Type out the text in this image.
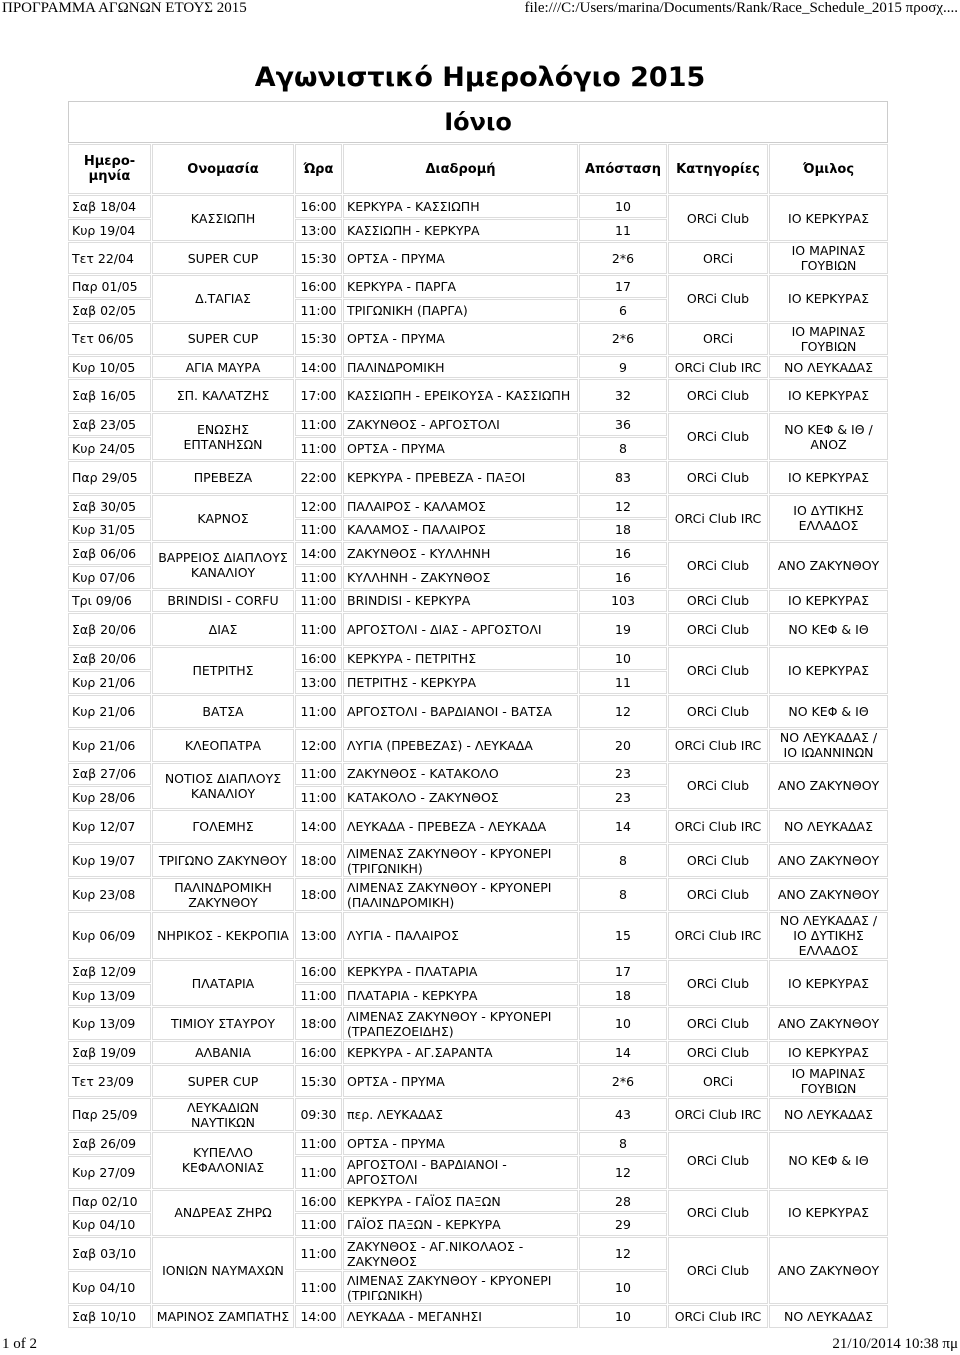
ΠΡΟΓΡΑΜΜΑ ΑΓΩΝΩΝ ΕΤΟΥΣ 2015	file:///C:/Users/marina/Documents/Rank/Race_Schedule_2015 προσχ....
Αγωνιστικό Ημερολόγιο 2015
Ιόνιο						
Ημερο-μηνία	Ονομασία	Ώρα	Διαδρομή	Απόσταση	Κατηγορίες	Όμιλος
Σαβ 18/04	ΚΑΣΣΙΩΠΗ	16:00	ΚΕΡΚΥΡΑ - ΚΑΣΣΙΩΠΗ	10	ORCi Club	ΙΟ ΚΕΡΚΥΡΑΣ
Κυρ 19/04		13:00	ΚΑΣΣΙΩΠΗ - ΚΕΡΚΥΡΑ	11		
Τετ 22/04	SUPER CUP	15:30	ΟΡΤΣΑ - ΠΡΥΜΑ	2*6	ORCi	ΙΟ ΜΑΡΙΝΑΣ ΓΟΥΒΙΩΝ
Παρ 01/05	Δ.ΤΑΓΙΑΣ	16:00	ΚΕΡΚΥΡΑ - ΠΑΡΓΑ	17	ORCi Club	ΙΟ ΚΕΡΚΥΡΑΣ
Σαβ 02/05		11:00	ΤΡΙΓΩΝΙΚΗ (ΠΑΡΓΑ)	6		
Τετ 06/05	SUPER CUP	15:30	ΟΡΤΣΑ - ΠΡΥΜΑ	2*6	ORCi	ΙΟ ΜΑΡΙΝΑΣ ΓΟΥΒΙΩΝ
Κυρ 10/05	ΑΓΙΑ ΜΑΥΡΑ	14:00	ΠΑΛΙΝΔΡΟΜΙΚΗ	9	ORCi Club IRC	ΝΟ ΛΕΥΚΑΔΑΣ
Σαβ 16/05	ΣΠ. ΚΑΛΑΤΖΗΣ	17:00	ΚΑΣΣΙΩΠΗ - ΕΡΕΙΚΟΥΣΑ - ΚΑΣΣΙΩΠΗ	32	ORCi Club	ΙΟ ΚΕΡΚΥΡΑΣ
Σαβ 23/05	ΕΝΩΣΗΣ ΕΠΤΑΝΗΣΩΝ	11:00	ΖΑΚΥΝΘΟΣ - ΑΡΓΟΣΤΟΛΙ	36	ORCi Club	ΝΟ ΚΕΦ & ΙΘ / ΑΝΟΖ
Κυρ 24/05		11:00	ΟΡΤΣΑ - ΠΡΥΜΑ	8		
Παρ 29/05	ΠΡΕΒΕΖΑ	22:00	ΚΕΡΚΥΡΑ - ΠΡΕΒΕΖΑ - ΠΑΞΟΙ	83	ORCi Club	ΙΟ ΚΕΡΚΥΡΑΣ
Σαβ 30/05	ΚΑΡΝΟΣ	12:00	ΠΑΛΑΙΡΟΣ - ΚΑΛΑΜΟΣ	12	ORCi Club IRC	ΙΟ ΔΥΤΙΚΗΣ ΕΛΛΑΔΟΣ
Κυρ 31/05		11:00	ΚΑΛΑΜΟΣ - ΠΑΛΑΙΡΟΣ	18		
Σαβ 06/06	ΒΑΡΡΕΙΟΣ ΔΙΑΠΛΟΥΣ ΚΑΝΑΛΙΟΥ	14:00	ΖΑΚΥΝΘΟΣ - ΚΥΛΛΗΝΗ	16	ORCi Club	ΑΝΟ ΖΑΚΥΝΘΟΥ
Κυρ 07/06		11:00	ΚΥΛΛΗΝΗ - ΖΑΚΥΝΘΟΣ	16		
Τρι 09/06	BRINDISI - CORFU	11:00	BRINDISI - ΚΕΡΚΥΡΑ	103	ORCi Club	ΙΟ ΚΕΡΚΥΡΑΣ
Σαβ 20/06	ΔΙΑΣ	11:00	ΑΡΓΟΣΤΟΛΙ - ΔΙΑΣ - ΑΡΓΟΣΤΟΛΙ	19	ORCi Club	ΝΟ ΚΕΦ & ΙΘ
Σαβ 20/06	ΠΕΤΡΙΤΗΣ	16:00	ΚΕΡΚΥΡΑ - ΠΕΤΡΙΤΗΣ	10	ORCi Club	ΙΟ ΚΕΡΚΥΡΑΣ
Κυρ 21/06		13:00	ΠΕΤΡΙΤΗΣ - ΚΕΡΚΥΡΑ	11		
Κυρ 21/06	ΒΑΤΣΑ	11:00	ΑΡΓΟΣΤΟΛΙ - ΒΑΡΔΙΑΝΟΙ - ΒΑΤΣΑ	12	ORCi Club	ΝΟ ΚΕΦ & ΙΘ
Κυρ 21/06	ΚΛΕΟΠΑΤΡΑ	12:00	ΛΥΓΙΑ (ΠΡΕΒΕΖΑΣ) - ΛΕΥΚΑΔΑ	20	ORCi Club IRC	ΝΟ ΛΕΥΚΑΔΑΣ / ΙΟ ΙΩΑΝΝΙΝΩΝ
Σαβ 27/06	ΝΟΤΙΟΣ ΔΙΑΠΛΟΥΣ ΚΑΝΑΛΙΟΥ	11:00	ΖΑΚΥΝΘΟΣ - ΚΑΤΑΚΟΛΟ	23	ORCi Club	ΑΝΟ ΖΑΚΥΝΘΟΥ
Κυρ 28/06		11:00	ΚΑΤΑΚΟΛΟ - ΖΑΚΥΝΘΟΣ	23		
Κυρ 12/07	ΓΟΛΕΜΗΣ	14:00	ΛΕΥΚΑΔΑ - ΠΡΕΒΕΖΑ - ΛΕΥΚΑΔΑ	14	ORCi Club IRC	ΝΟ ΛΕΥΚΑΔΑΣ
Κυρ 19/07	ΤΡΙΓΩΝΟ ΖΑΚΥΝΘΟΥ	18:00	ΛΙΜΕΝΑΣ ΖΑΚΥΝΘΟΥ - ΚΡΥΟΝΕΡΙ (ΤΡΙΓΩΝΙΚΗ)	8	ORCi Club	ΑΝΟ ΖΑΚΥΝΘΟΥ
Κυρ 23/08	ΠΑΛΙΝΔΡΟΜΙΚΗ ΖΑΚΥΝΘΟΥ	18:00	ΛΙΜΕΝΑΣ ΖΑΚΥΝΘΟΥ - ΚΡΥΟΝΕΡΙ (ΠΑΛΙΝΔΡΟΜΙΚΗ)	8	ORCi Club	ΑΝΟ ΖΑΚΥΝΘΟΥ
Κυρ 06/09	ΝΗΡΙΚΟΣ - ΚΕΚΡΟΠΙΑ	13:00	ΛΥΓΙΑ - ΠΑΛΑΙΡΟΣ	15	ORCi Club IRC	ΝΟ ΛΕΥΚΑΔΑΣ / ΙΟ ΔΥΤΙΚΗΣ ΕΛΛΑΔΟΣ
Σαβ 12/09	ΠΛΑΤΑΡΙΑ	16:00	ΚΕΡΚΥΡΑ - ΠΛΑΤΑΡΙΑ	17	ORCi Club	ΙΟ ΚΕΡΚΥΡΑΣ
Κυρ 13/09		11:00	ΠΛΑΤΑΡΙΑ - ΚΕΡΚΥΡΑ	18		
Κυρ 13/09	ΤΙΜΙΟΥ ΣΤΑΥΡΟΥ	18:00	ΛΙΜΕΝΑΣ ΖΑΚΥΝΘΟΥ - ΚΡΥΟΝΕΡΙ (ΤΡΑΠΕΖΟΕΙΔΗΣ)	10	ORCi Club	ΑΝΟ ΖΑΚΥΝΘΟΥ
Σαβ 19/09	ΑΛΒΑΝΙΑ	16:00	ΚΕΡΚΥΡΑ - ΑΓ.ΣΑΡΑΝΤΑ	14	ORCi Club	ΙΟ ΚΕΡΚΥΡΑΣ
Τετ 23/09	SUPER CUP	15:30	ΟΡΤΣΑ - ΠΡΥΜΑ	2*6	ORCi	ΙΟ ΜΑΡΙΝΑΣ ΓΟΥΒΙΩΝ
Παρ 25/09	ΛΕΥΚΑΔΙΩΝ ΝΑΥΤΙΚΩΝ	09:30	περ. ΛΕΥΚΑΔΑΣ	43	ORCi Club IRC	ΝΟ ΛΕΥΚΑΔΑΣ
Σαβ 26/09	ΚΥΠΕΛΛΟ ΚΕΦΑΛΟΝΙΑΣ	11:00	ΟΡΤΣΑ - ΠΡΥΜΑ	8	ORCi Club	ΝΟ ΚΕΦ & ΙΘ
Κυρ 27/09		11:00	ΑΡΓΟΣΤΟΛΙ - ΒΑΡΔΙΑΝΟΙ - ΑΡΓΟΣΤΟΛΙ	12		
Παρ 02/10	ΑΝΔΡΕΑΣ ΖΗΡΩ	16:00	ΚΕΡΚΥΡΑ - ΓΑΪΟΣ ΠΑΞΩΝ	28	ORCi Club	ΙΟ ΚΕΡΚΥΡΑΣ
Κυρ 04/10		11:00	ΓΑΪΟΣ ΠΑΞΩΝ - ΚΕΡΚΥΡΑ	29		
Σαβ 03/10	ΙΟΝΙΩΝ ΝΑΥΜΑΧΩΝ	11:00	ΖΑΚΥΝΘΟΣ - ΑΓ.ΝΙΚΟΛΑΟΣ - ΖΑΚΥΝΘΟΣ	12	ORCi Club	ΑΝΟ ΖΑΚΥΝΘΟΥ
Κυρ 04/10		11:00	ΛΙΜΕΝΑΣ ΖΑΚΥΝΘΟΥ - ΚΡΥΟΝΕΡΙ (ΤΡΙΓΩΝΙΚΗ)	10		
Σαβ 10/10	ΜΑΡΙΝΟΣ ΖΑΜΠΑΤΗΣ	14:00	ΛΕΥΚΑΔΑ - ΜΕΓΑΝΗΣΙ	10	ORCi Club IRC	ΝΟ ΛΕΥΚΑΔΑΣ
1 of 2	21/10/2014 10:38 πμ
